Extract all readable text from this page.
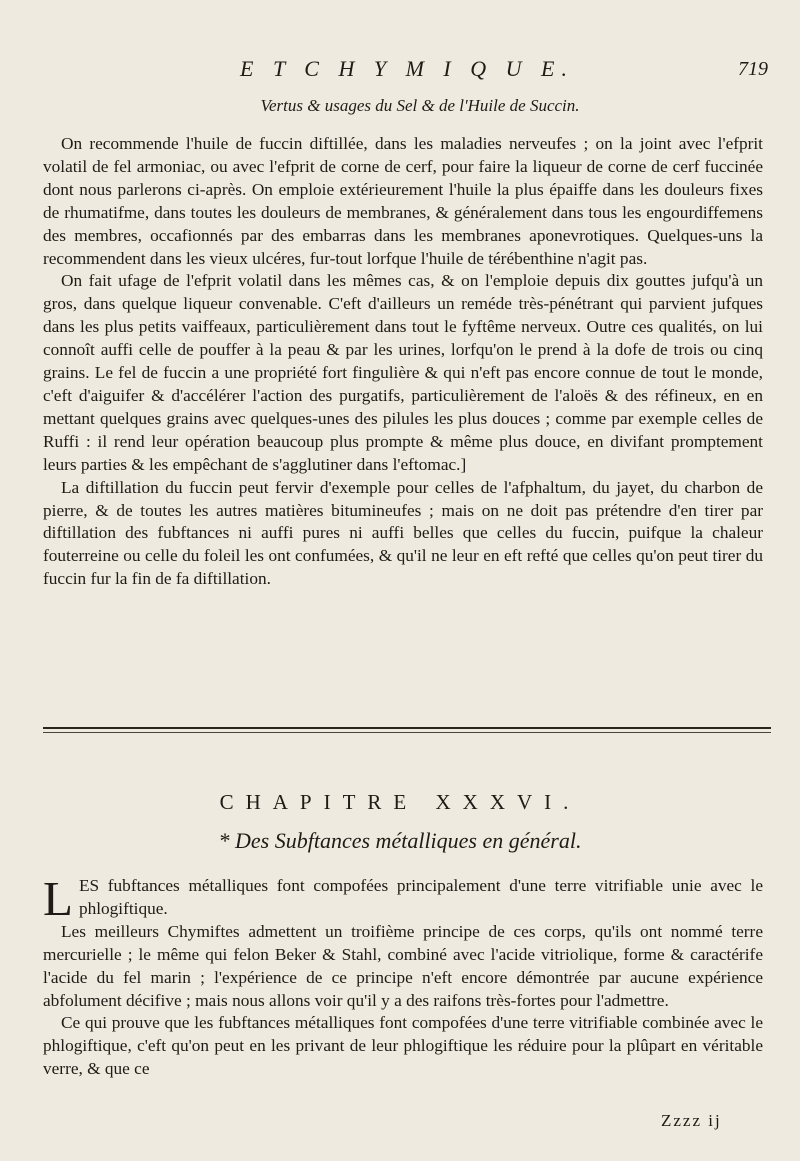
E T C H Y M I Q U E.	719
Vertus & usages du Sel & de l'Huile de Succin.

On recommende l'huile de fuccin diftillée, dans les maladies nerveufes ; on la joint avec l'efprit volatil de fel armoniac, ou avec l'efprit de corne de cerf, pour faire la liqueur de corne de cerf fuccinée dont nous parlerons ci-après. On emploie extérieurement l'huile la plus épaiffe dans les douleurs fixes de rhumatifme, dans toutes les douleurs de membranes, & généralement dans tous les engourdiffemens des membres, occafionnés par des embarras dans les membranes aponevrotiques. Quelques-uns la recommendent dans les vieux ulcéres, fur-tout lorfque l'huile de térébenthine n'agit pas.

On fait ufage de l'efprit volatil dans les mêmes cas, & on l'emploie depuis dix gouttes jufqu'à un gros, dans quelque liqueur convenable. C'eft d'ailleurs un reméde très-pénétrant qui parvient jufques dans les plus petits vaiffeaux, particulièrement dans tout le fyftême nerveux. Outre ces qualités, on lui connoît auffi celle de pouffer à la peau & par les urines, lorfqu'on le prend à la dofe de trois ou cinq grains. Le fel de fuccin a une propriété fort fingulière & qui n'eft pas encore connue de tout le monde, c'eft d'aiguifer & d'accélérer l'action des purgatifs, particulièrement de l'aloës & des réfineux, en en mettant quelques grains avec quelques-unes des pilules les plus douces ; comme par exemple celles de Ruffi : il rend leur opération beaucoup plus prompte & même plus douce, en divifant promptement leurs parties & les empêchant de s'agglutiner dans l'eftomac.]

La diftillation du fuccin peut fervir d'exemple pour celles de l'afphaltum, du jayet, du charbon de pierre, & de toutes les autres matières bitumineufes ; mais on ne doit pas prétendre d'en tirer par diftillation des fubftances ni auffi pures ni auffi belles que celles du fuccin, puifque la chaleur fouterreine ou celle du foleil les ont confumées, & qu'il ne leur en eft refté que celles qu'on peut tirer du fuccin fur la fin de fa diftillation.

CHAPITRE XXXVI.
* Des Subftances métalliques en général.

LES fubftances métalliques font compofées principalement d'une terre vitrifiable unie avec le phlogiftique.

Les meilleurs Chymiftes admettent un troifième principe de ces corps, qu'ils ont nommé terre mercurielle ; le même qui felon Beker & Stahl, combiné avec l'acide vitriolique, forme & caractérife l'acide du fel marin ; l'expérience de ce principe n'eft encore démontrée par aucune expérience abfolument décifive ; mais nous allons voir qu'il y a des raifons très-fortes pour l'admettre.

Ce qui prouve que les fubftances métalliques font compofées d'une terre vitrifiable combinée avec le phlogiftique, c'eft qu'on peut en les privant de leur phlogiftique les réduire pour la plûpart en véritable verre, & que ce

Zzzz ij
